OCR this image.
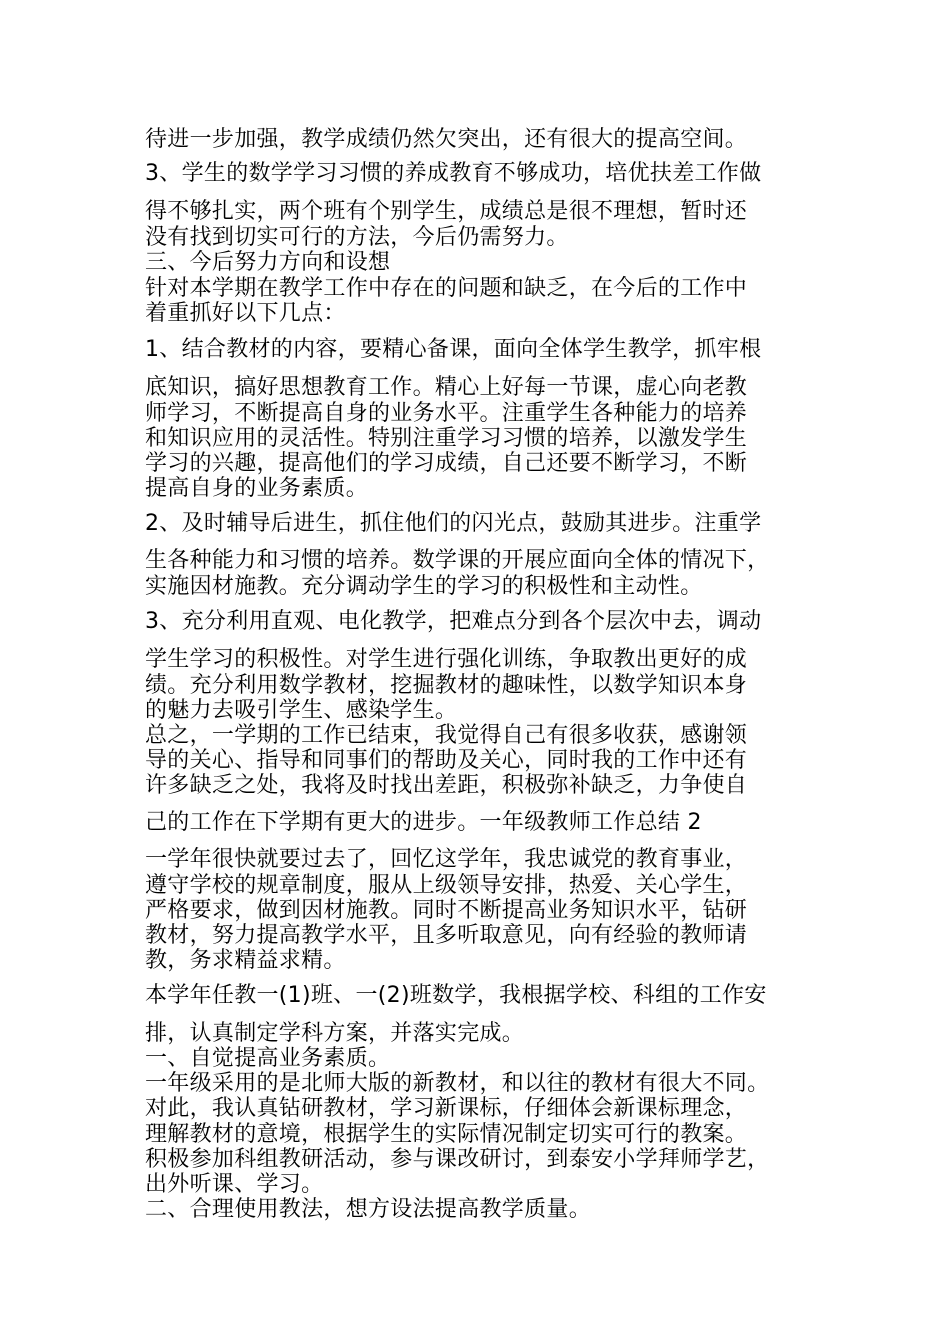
待进一步加强，教学成绩仍然欠突出，还有很大的提高空间。

3、学生的数学学习习惯的养成教育不够成功，培优扶差工作做

得不够扎实，两个班有个别学生，成绩总是很不理想，暂时还

没有找到切实可行的方法，今后仍需努力。

三、今后努力方向和设想

针对本学期在教学工作中存在的问题和缺乏，在今后的工作中

着重抓好以下几点：

1、结合教材的内容，要精心备课，面向全体学生教学，抓牢根

底知识，搞好思想教育工作。精心上好每一节课，虚心向老教

师学习，不断提高自身的业务水平。注重学生各种能力的培养

和知识应用的灵活性。特别注重学习习惯的培养，以激发学生

学习的兴趣，提高他们的学习成绩，自己还要不断学习，不断

提高自身的业务素质。

2、及时辅导后进生，抓住他们的闪光点，鼓励其进步。注重学

生各种能力和习惯的培养。数学课的开展应面向全体的情况下，

实施因材施教。充分调动学生的学习的积极性和主动性。

3、充分利用直观、电化教学，把难点分到各个层次中去，调动

学生学习的积极性。对学生进行强化训练，争取教出更好的成

绩。充分利用数学教材，挖掘教材的趣味性，以数学知识本身

的魅力去吸引学生、感染学生。

总之，一学期的工作已结束，我觉得自己有很多收获，感谢领

导的关心、指导和同事们的帮助及关心，同时我的工作中还有

许多缺乏之处，我将及时找出差距，积极弥补缺乏，力争使自

己的工作在下学期有更大的进步。一年级教师工作总结 2

一学年很快就要过去了，回忆这学年，我忠诚党的教育事业，

遵守学校的规章制度，服从上级领导安排，热爱、关心学生，

严格要求，做到因材施教。同时不断提高业务知识水平，钻研

教材，努力提高教学水平，且多听取意见，向有经验的教师请

教，务求精益求精。

本学年任教一(1)班、一(2)班数学，我根据学校、科组的工作安

排，认真制定学科方案，并落实完成。

一、自觉提高业务素质。

一年级采用的是北师大版的新教材，和以往的教材有很大不同。

对此，我认真钻研教材，学习新课标，仔细体会新课标理念，

理解教材的意境，根据学生的实际情况制定切实可行的教案。

积极参加科组教研活动，参与课改研讨，到泰安小学拜师学艺，

出外听课、学习。

二、合理使用教法，想方设法提高教学质量。
